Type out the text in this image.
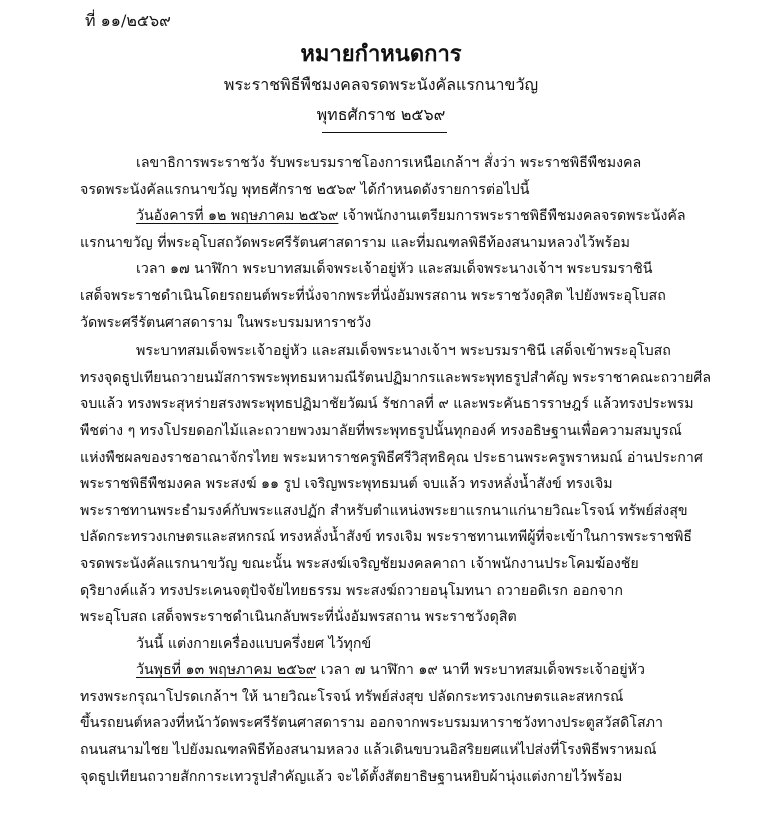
ที่ ๑๑/๒๕๖๙
หมายกำหนดการ
พระราชพิธีพืชมงคลจรดพระนังคัลแรกนาขวัญ
พุทธศักราช ๒๕๖๙
เลขาธิการพระราชวัง รับพระบรมราชโองการเหนือเกล้าฯ สั่งว่า พระราชพิธีพืชมงคล
จรดพระนังคัลแรกนาขวัญ พุทธศักราช ๒๕๖๙ ได้กำหนดดังรายการต่อไปนี้
วันอังคารที่ ๑๒ พฤษภาคม ๒๕๖๙ เจ้าพนักงานเตรียมการพระราชพิธีพืชมงคลจรดพระนังคัล
แรกนาขวัญ ที่พระอุโบสถวัดพระศรีรัตนศาสดาราม และที่มณฑลพิธีท้องสนามหลวงไว้พร้อม
เวลา ๑๗ นาฬิกา พระบาทสมเด็จพระเจ้าอยู่หัว และสมเด็จพระนางเจ้าฯ พระบรมราชินี
เสด็จพระราชดำเนินโดยรถยนต์พระที่นั่งจากพระที่นั่งอัมพรสถาน พระราชวังดุสิต ไปยังพระอุโบสถ
วัดพระศรีรัตนศาสดาราม ในพระบรมมหาราชวัง
พระบาทสมเด็จพระเจ้าอยู่หัว และสมเด็จพระนางเจ้าฯ พระบรมราชินี เสด็จเข้าพระอุโบสถ
ทรงจุดธูปเทียนถวายนมัสการพระพุทธมหามณีรัตนปฏิมากรและพระพุทธรูปสำคัญ พระราชาคณะถวายศีล
จบแล้ว ทรงพระสุหร่ายสรงพระพุทธปฏิมาชัยวัฒน์ รัชกาลที่ ๙ และพระคันธารราษฎร์ แล้วทรงประพรม
พืชต่าง ๆ ทรงโปรยดอกไม้และถวายพวงมาลัยที่พระพุทธรูปนั้นทุกองค์ ทรงอธิษฐานเพื่อความสมบูรณ์
แห่งพืชผลของราชอาณาจักรไทย พระมหาราชครูพิธีศรีวิสุทธิคุณ ประธานพระครูพราหมณ์ อ่านประกาศ
พระราชพิธีพืชมงคล พระสงฆ์ ๑๑ รูป เจริญพระพุทธมนต์ จบแล้ว ทรงหลั่งน้ำสังข์ ทรงเจิม
พระราชทานพระธำมรงค์กับพระแสงปฏัก สำหรับตำแหน่งพระยาแรกนาแก่นายวิณะโรจน์ ทรัพย์ส่งสุข
ปลัดกระทรวงเกษตรและสหกรณ์ ทรงหลั่งน้ำสังข์ ทรงเจิม พระราชทานเทพีผู้ที่จะเข้าในการพระราชพิธี
จรดพระนังคัลแรกนาขวัญ ขณะนั้น พระสงฆ์เจริญชัยมงคลคาถา เจ้าพนักงานประโคมฆ้องชัย
ดุริยางค์แล้ว ทรงประเคนจตุปัจจัยไทยธรรม พระสงฆ์ถวายอนุโมทนา ถวายอดิเรก ออกจาก
พระอุโบสถ เสด็จพระราชดำเนินกลับพระที่นั่งอัมพรสถาน พระราชวังดุสิต
วันนี้ แต่งกายเครื่องแบบครึ่งยศ ไว้ทุกข์
วันพุธที่ ๑๓ พฤษภาคม ๒๕๖๙ เวลา ๗ นาฬิกา ๑๙ นาที พระบาทสมเด็จพระเจ้าอยู่หัว
ทรงพระกรุณาโปรดเกล้าฯ ให้ นายวิณะโรจน์ ทรัพย์ส่งสุข ปลัดกระทรวงเกษตรและสหกรณ์
ขึ้นรถยนต์หลวงที่หน้าวัดพระศรีรัตนศาสดาราม ออกจากพระบรมมหาราชวังทางประตูสวัสดิโสภา
ถนนสนามไชย ไปยังมณฑลพิธีท้องสนามหลวง แล้วเดินขบวนอิสริยยศแห่ไปส่งที่โรงพิธีพราหมณ์
จุดธูปเทียนถวายสักการะเทวรูปสำคัญแล้ว จะได้ตั้งสัตยาธิษฐานหยิบผ้านุ่งแต่งกายไว้พร้อม
